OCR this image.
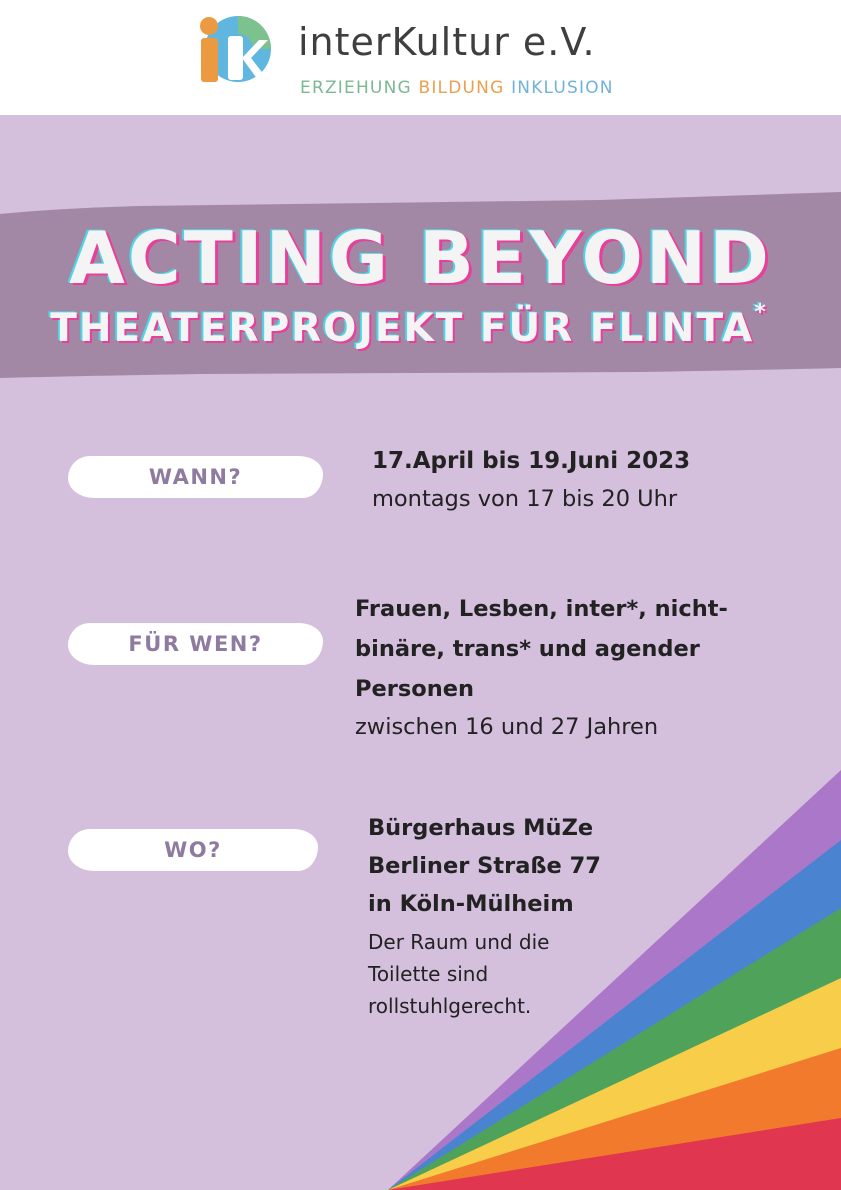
interKultur e.V.
ERZIEHUNG BILDUNG INKLUSION
ACTING BEYOND
THEATERPROJEKT FÜR FLINTA*
WANN?
17.April bis 19.Juni 2023
montags von 17 bis 20 Uhr
FÜR WEN?
Frauen, Lesben, inter*, nicht-
binäre, trans* und agender
Personen
zwischen 16 und 27 Jahren
WO?
Bürgerhaus MüZe
Berliner Straße 77
in Köln-Mülheim
Der Raum und die
Toilette sind
rollstuhlgerecht.
